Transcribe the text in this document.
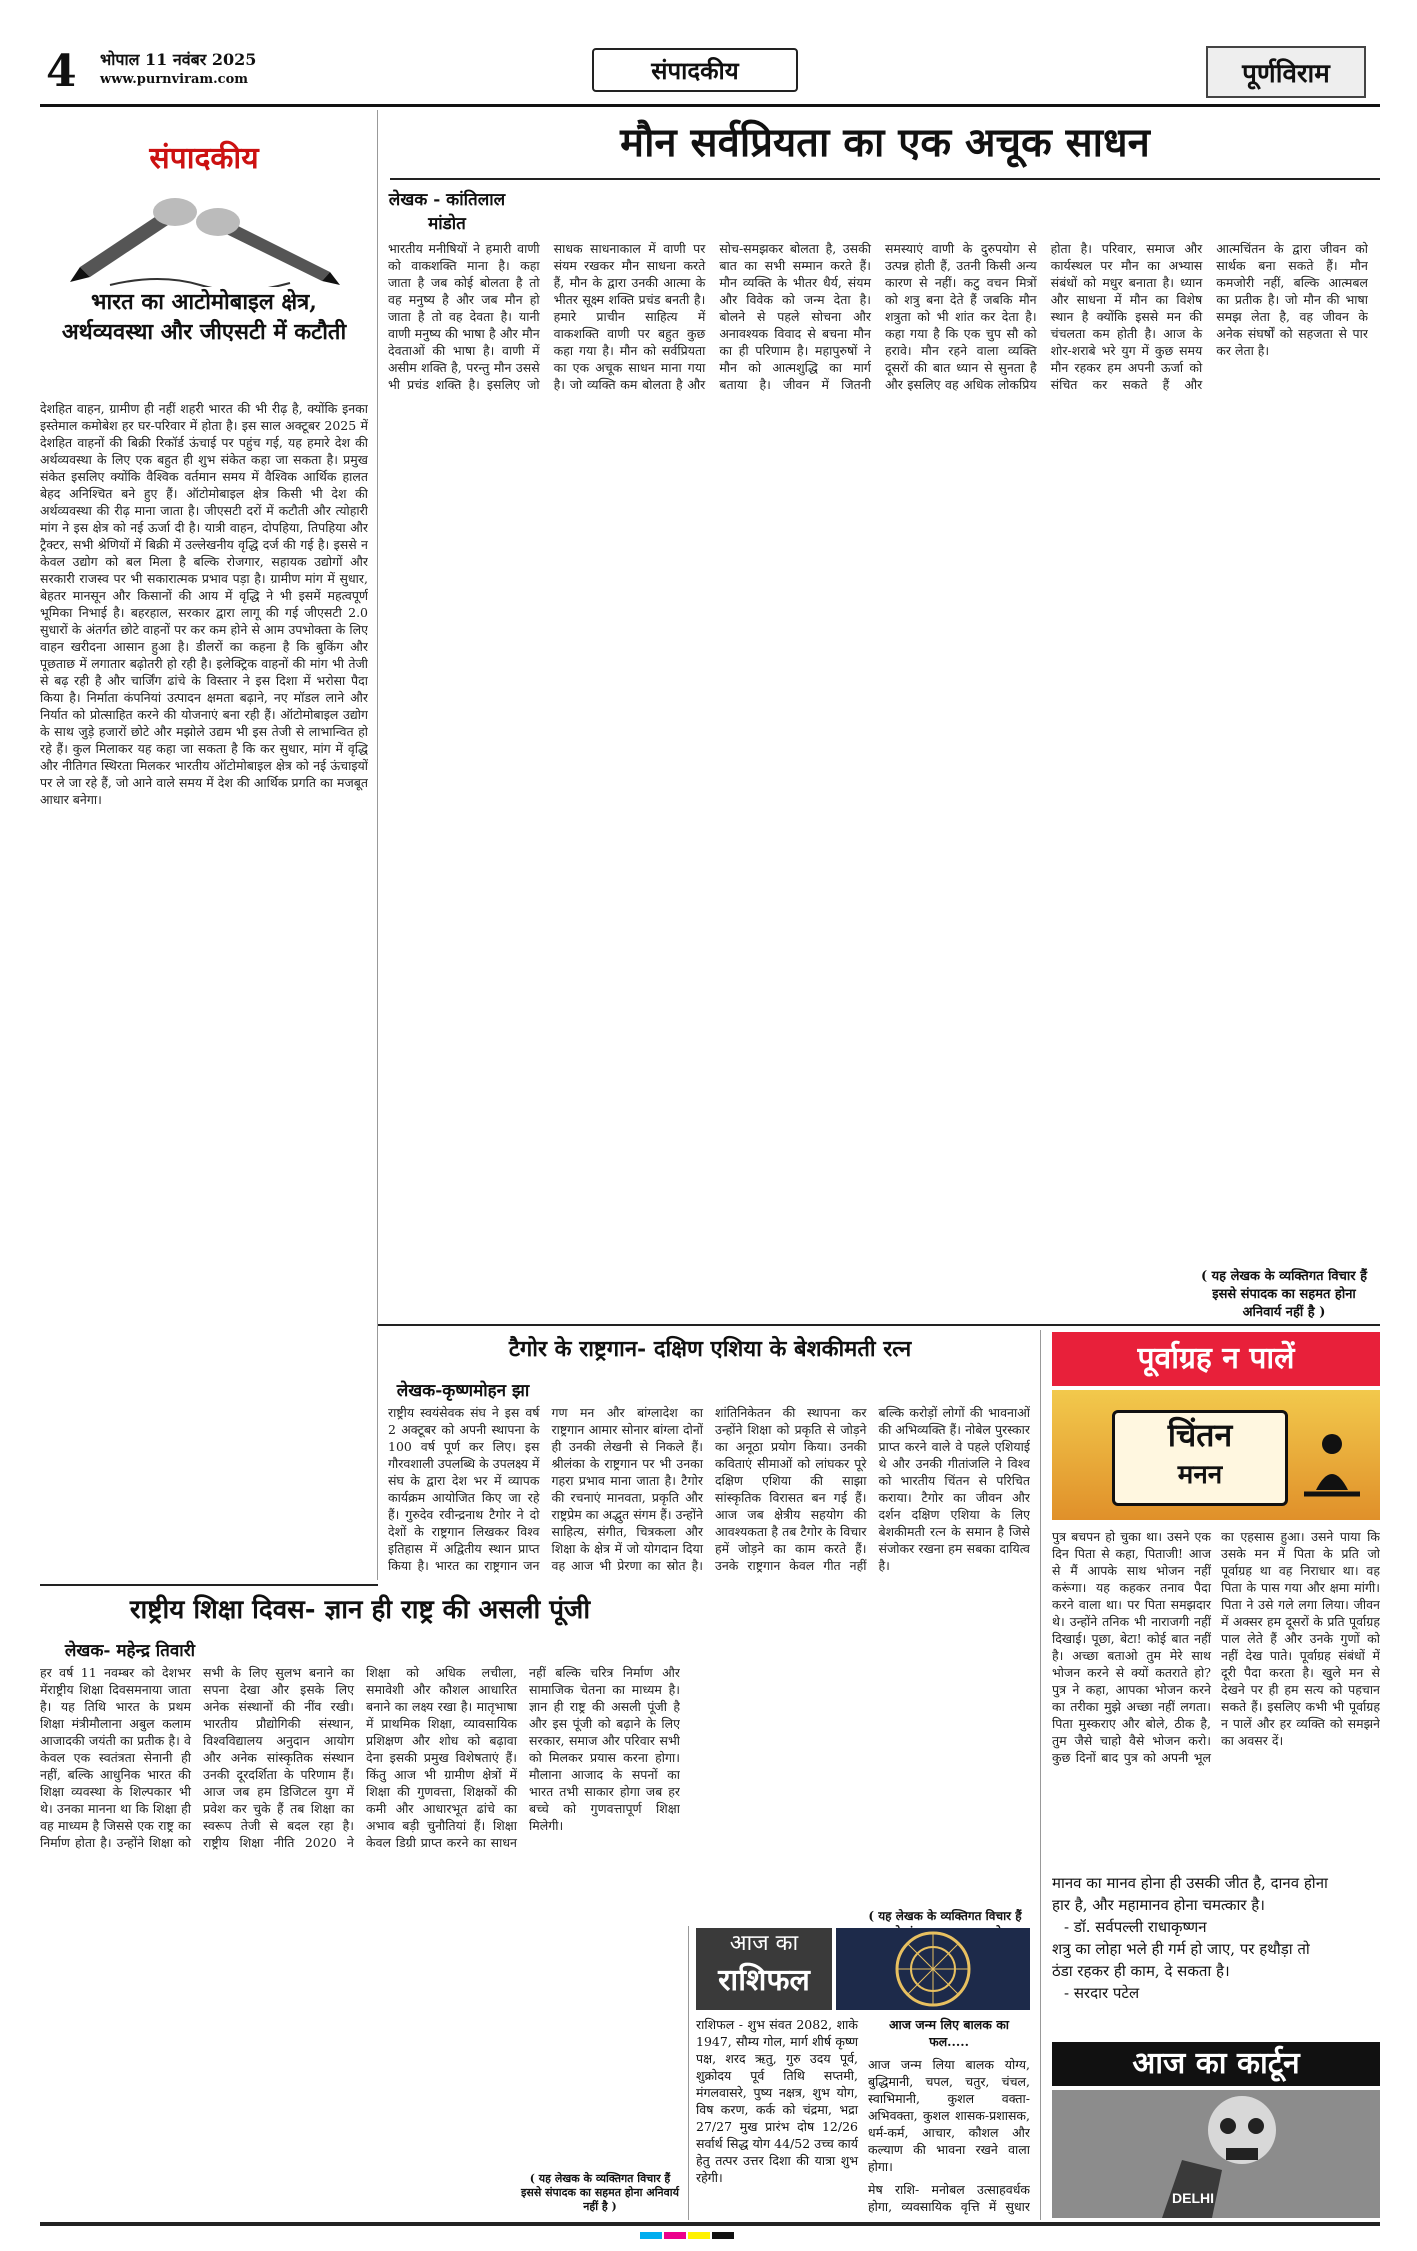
4 भोपाल 11 नवंबर 2025
www.purnviram.com	संपादकीय	पूर्णविराम
संपादकीय
भारत का आटोमोबाइल क्षेत्र,
अर्थव्यवस्था और जीएसटी में कटौती

देशहित वाहन, ग्रामीण ही नहीं शहरी भारत की भी रीढ़ है, क्योंकि इनका इस्तेमाल कमोबेश हर घर-परिवार में होता है। इस साल अक्टूबर 2025 में देशहित वाहनों की बिक्री रिकॉर्ड ऊंचाई पर पहुंच गई, यह हमारे देश की अर्थव्यवस्था के लिए एक बहुत ही शुभ संकेत कहा जा सकता है। प्रमुख संकेत इसलिए क्योंकि वैश्विक वर्तमान समय में वैश्विक आर्थिक हालत बेहद अनिश्चित बने हुए हैं। ऑटोमोबाइल क्षेत्र किसी भी देश की अर्थव्यवस्था की रीढ़ माना जाता है। जीएसटी दरों में कटौती और त्योहारी मांग ने इस क्षेत्र को नई ऊर्जा दी है। यात्री वाहन, दोपहिया, तिपहिया और ट्रैक्टर, सभी श्रेणियों में बिक्री में उल्लेखनीय वृद्धि दर्ज की गई है। इससे न केवल उद्योग को बल मिला है बल्कि रोजगार, सहायक उद्योगों और सरकारी राजस्व पर भी सकारात्मक प्रभाव पड़ा है। ग्रामीण मांग में सुधार, बेहतर मानसून और किसानों की आय में वृद्धि ने भी इसमें महत्वपूर्ण भूमिका निभाई है। बहरहाल, सरकार द्वारा लागू की गई जीएसटी 2.0 सुधारों के अंतर्गत छोटे वाहनों पर कर कम होने से आम उपभोक्ता के लिए वाहन खरीदना आसान हुआ है। डीलरों का कहना है कि बुकिंग और पूछताछ में लगातार बढ़ोतरी हो रही है। इलेक्ट्रिक वाहनों की मांग भी तेजी से बढ़ रही है और चार्जिंग ढांचे के विस्तार ने इस दिशा में भरोसा पैदा किया है। निर्माता कंपनियां उत्पादन क्षमता बढ़ाने, नए मॉडल लाने और निर्यात को प्रोत्साहित करने की योजनाएं बना रही हैं। ऑटोमोबाइल उद्योग के साथ जुड़े हजारों छोटे और मझोले उद्यम भी इस तेजी से लाभान्वित हो रहे हैं। कुल मिलाकर यह कहा जा सकता है कि कर सुधार, मांग में वृद्धि और नीतिगत स्थिरता मिलकर भारतीय ऑटोमोबाइल क्षेत्र को नई ऊंचाइयों पर ले जा रहे हैं, जो आने वाले समय में देश की आर्थिक प्रगति का मजबूत आधार बनेगा।

मौन सर्वप्रियता का एक अचूक साधन
लेखक - कांतिलाल
मांडोत

भारतीय मनीषियों ने हमारी वाणी को वाकशक्ति माना है। कहा जाता है जब कोई बोलता है तो वह मनुष्य है और जब मौन हो जाता है तो वह देवता है। यानी वाणी मनुष्य की भाषा है और मौन देवताओं की भाषा है। वाणी में असीम शक्ति है, परन्तु मौन उससे भी प्रचंड शक्ति है। इसलिए जो साधक साधनाकाल में वाणी पर संयम रखकर मौन साधना करते हैं, मौन के द्वारा उनकी आत्मा के भीतर सूक्ष्म शक्ति प्रचंड बनती है। हमारे प्राचीन साहित्य में वाकशक्ति वाणी पर बहुत कुछ कहा गया है। मौन को सर्वप्रियता का एक अचूक साधन माना गया है। जो व्यक्ति कम बोलता है और सोच-समझकर बोलता है, उसकी बात का सभी सम्मान करते हैं। मौन व्यक्ति के भीतर धैर्य, संयम और विवेक को जन्म देता है। बोलने से पहले सोचना और अनावश्यक विवाद से बचना मौन का ही परिणाम है। महापुरुषों ने मौन को आत्मशुद्धि का मार्ग बताया है। जीवन में जितनी समस्याएं वाणी के दुरुपयोग से उत्पन्न होती हैं, उतनी किसी अन्य कारण से नहीं। कटु वचन मित्रों को शत्रु बना देते हैं जबकि मौन शत्रुता को भी शांत कर देता है। कहा गया है कि एक चुप सौ को हरावे। मौन रहने वाला व्यक्ति दूसरों की बात ध्यान से सुनता है और इसलिए वह अधिक लोकप्रिय होता है। परिवार, समाज और कार्यस्थल पर मौन का अभ्यास संबंधों को मधुर बनाता है। ध्यान और साधना में मौन का विशेष स्थान है क्योंकि इससे मन की चंचलता कम होती है। आज के शोर-शराबे भरे युग में कुछ समय मौन रहकर हम अपनी ऊर्जा को संचित कर सकते हैं और आत्मचिंतन के द्वारा जीवन को सार्थक बना सकते हैं। मौन कमजोरी नहीं, बल्कि आत्मबल का प्रतीक है। जो मौन की भाषा समझ लेता है, वह जीवन के अनेक संघर्षों को सहजता से पार कर लेता है।

( यह लेखक के व्यक्तिगत विचार हैं
इससे संपादक का सहमत होना
अनिवार्य नहीं है )
टैगोर के राष्ट्रगान- दक्षिण एशिया के बेशकीमती रत्न
लेखक-कृष्णमोहन झा

राष्ट्रीय स्वयंसेवक संघ ने इस वर्ष 2 अक्टूबर को अपनी स्थापना के 100 वर्ष पूर्ण कर लिए। इस गौरवशाली उपलब्धि के उपलक्ष्य में संघ के द्वारा देश भर में व्यापक कार्यक्रम आयोजित किए जा रहे हैं। गुरुदेव रवीन्द्रनाथ टैगोर ने दो देशों के राष्ट्रगान लिखकर विश्व इतिहास में अद्वितीय स्थान प्राप्त किया है। भारत का राष्ट्रगान जन गण मन और बांग्लादेश का राष्ट्रगान आमार सोनार बांग्ला दोनों ही उनकी लेखनी से निकले हैं। श्रीलंका के राष्ट्रगान पर भी उनका गहरा प्रभाव माना जाता है। टैगोर की रचनाएं मानवता, प्रकृति और राष्ट्रप्रेम का अद्भुत संगम हैं। उन्होंने साहित्य, संगीत, चित्रकला और शिक्षा के क्षेत्र में जो योगदान दिया वह आज भी प्रेरणा का स्रोत है। शांतिनिकेतन की स्थापना कर उन्होंने शिक्षा को प्रकृति से जोड़ने का अनूठा प्रयोग किया। उनकी कविताएं सीमाओं को लांघकर पूरे दक्षिण एशिया की साझा सांस्कृतिक विरासत बन गई हैं। आज जब क्षेत्रीय सहयोग की आवश्यकता है तब टैगोर के विचार हमें जोड़ने का काम करते हैं। उनके राष्ट्रगान केवल गीत नहीं बल्कि करोड़ों लोगों की भावनाओं की अभिव्यक्ति हैं। नोबेल पुरस्कार प्राप्त करने वाले वे पहले एशियाई थे और उनकी गीतांजलि ने विश्व को भारतीय चिंतन से परिचित कराया। टैगोर का जीवन और दर्शन दक्षिण एशिया के लिए बेशकीमती रत्न के समान है जिसे संजोकर रखना हम सबका दायित्व है।

( यह लेखक के व्यक्तिगत विचार हैं
पूर्वाग्रह न पालें
चिंतन
मनन

पुत्र बचपन हो चुका था। उसने एक दिन पिता से कहा, पिताजी! आज से मैं आपके साथ भोजन नहीं करूंगा। यह कहकर तनाव पैदा करने वाला था। पर पिता समझदार थे। उन्होंने तनिक भी नाराजगी नहीं दिखाई। पूछा, बेटा! कोई बात नहीं है। अच्छा बताओ तुम मेरे साथ भोजन करने से क्यों कतराते हो? पुत्र ने कहा, आपका भोजन करने का तरीका मुझे अच्छा नहीं लगता। पिता मुस्कराए और बोले, ठीक है, तुम जैसे चाहो वैसे भोजन करो। कुछ दिनों बाद पुत्र को अपनी भूल का एहसास हुआ। उसने पाया कि उसके मन में पिता के प्रति जो पूर्वाग्रह था वह निराधार था। वह पिता के पास गया और क्षमा मांगी। पिता ने उसे गले लगा लिया। जीवन में अक्सर हम दूसरों के प्रति पूर्वाग्रह पाल लेते हैं और उनके गुणों को नहीं देख पाते। पूर्वाग्रह संबंधों में दूरी पैदा करता है। खुले मन से देखने पर ही हम सत्य को पहचान सकते हैं। इसलिए कभी भी पूर्वाग्रह न पालें और हर व्यक्ति को समझने का अवसर दें।

मानव का मानव होना ही उसकी जीत है, दानव होना
हार है, और महामानव होना चमत्कार है।
- डॉ. सर्वपल्ली राधाकृष्णन
शत्रु का लोहा भले ही गर्म हो जाए, पर हथौड़ा तो
ठंडा रहकर ही काम, दे सकता है।
- सरदार पटेल
आज का कार्टून
DELHI
राष्ट्रीय शिक्षा दिवस- ज्ञान ही राष्ट्र की असली पूंजी
लेखक- महेन्द्र तिवारी

हर वर्ष 11 नवम्बर को देशभर मेंराष्ट्रीय शिक्षा दिवसमनाया जाता है। यह तिथि भारत के प्रथम शिक्षा मंत्रीमौलाना अबुल कलाम आजादकी जयंती का प्रतीक है। वे केवल एक स्वतंत्रता सेनानी ही नहीं, बल्कि आधुनिक भारत की शिक्षा व्यवस्था के शिल्पकार भी थे। उनका मानना था कि शिक्षा ही वह माध्यम है जिससे एक राष्ट्र का निर्माण होता है। उन्होंने शिक्षा को सभी के लिए सुलभ बनाने का सपना देखा और इसके लिए अनेक संस्थानों की नींव रखी। भारतीय प्रौद्योगिकी संस्थान, विश्वविद्यालय अनुदान आयोग और अनेक सांस्कृतिक संस्थान उनकी दूरदर्शिता के परिणाम हैं। आज जब हम डिजिटल युग में प्रवेश कर चुके हैं तब शिक्षा का स्वरूप तेजी से बदल रहा है। राष्ट्रीय शिक्षा नीति 2020 ने शिक्षा को अधिक लचीला, समावेशी और कौशल आधारित बनाने का लक्ष्य रखा है। मातृभाषा में प्राथमिक शिक्षा, व्यावसायिक प्रशिक्षण और शोध को बढ़ावा देना इसकी प्रमुख विशेषताएं हैं। किंतु आज भी ग्रामीण क्षेत्रों में शिक्षा की गुणवत्ता, शिक्षकों की कमी और आधारभूत ढांचे का अभाव बड़ी चुनौतियां हैं। शिक्षा केवल डिग्री प्राप्त करने का साधन नहीं बल्कि चरित्र निर्माण और सामाजिक चेतना का माध्यम है। ज्ञान ही राष्ट्र की असली पूंजी है और इस पूंजी को बढ़ाने के लिए सरकार, समाज और परिवार सभी को मिलकर प्रयास करना होगा। मौलाना आजाद के सपनों का भारत तभी साकार होगा जब हर बच्चे को गुणवत्तापूर्ण शिक्षा मिलेगी।

( यह लेखक के व्यक्तिगत विचार हैं इससे संपादक का सहमत होना अनिवार्य नहीं है )
आज का
राशिफल

राशिफल - शुभ संवत 2082, शाके 1947, सौम्य गोल, मार्ग शीर्ष कृष्ण पक्ष, शरद ऋतु, गुरु उदय पूर्व, शुक्रोदय पूर्व तिथि सप्तमी, मंगलवासरे, पुष्य नक्षत्र, शुभ योग, विष करण, कर्क को चंद्रमा, भद्रा 27/27 मुख प्रारंभ दोष 12/26 सर्वार्थ सिद्ध योग 44/52 उच्च कार्य हेतु तत्पर उत्तर दिशा की यात्रा शुभ रहेगी।

आज जन्म लिए बालक का फल.....

आज जन्म लिया बालक योग्य, बुद्धिमानी, चपल, चतुर, चंचल, स्वाभिमानी, कुशल वक्ता-अभिवक्ता, कुशल शासक-प्रशासक, धर्म-कर्म, आचार, कौशल और कल्याण की भावना रखने वाला होगा।

मेष राशि- मनोबल उत्साहवर्धक होगा, व्यवसायिक वृत्ति में सुधार
